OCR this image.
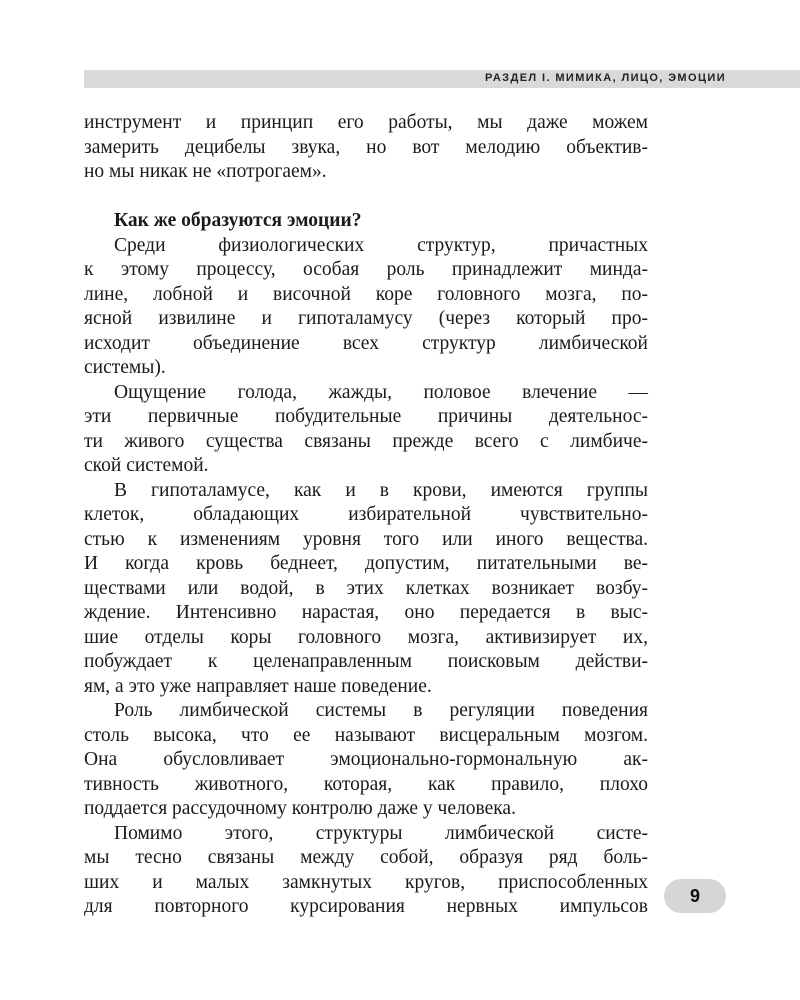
РАЗДЕЛ I. МИМИКА, ЛИЦО, ЭМОЦИИ
инструмент и принцип его работы, мы даже можем
замерить децибелы звука, но вот мелодию объектив-
но мы никак не «потрогаем».
Как же образуются эмоции?
Среди физиологических структур, причастных
к этому процессу, особая роль принадлежит минда-
лине, лобной и височной коре головного мозга, по-
ясной извилине и гипоталамусу (через который про-
исходит объединение всех структур лимбической
системы).
Ощущение голода, жажды, половое влечение —
эти первичные побудительные причины деятельнос-
ти живого существа связаны прежде всего с лимбиче-
ской системой.
В гипоталамусе, как и в крови, имеются группы
клеток, обладающих избирательной чувствительно-
стью к изменениям уровня того или иного вещества.
И когда кровь беднеет, допустим, питательными ве-
ществами или водой, в этих клетках возникает возбу-
ждение. Интенсивно нарастая, оно передается в выс-
шие отделы коры головного мозга, активизирует их,
побуждает к целенаправленным поисковым действи-
ям, а это уже направляет наше поведение.
Роль лимбической системы в регуляции поведения
столь высока, что ее называют висцеральным мозгом.
Она обусловливает эмоционально-гормональную ак-
тивность животного, которая, как правило, плохо
поддается рассудочному контролю даже у человека.
Помимо этого, структуры лимбической систе-
мы тесно связаны между собой, образуя ряд боль-
ших и малых замкнутых кругов, приспособленных
для повторного курсирования нервных импульсов
9
